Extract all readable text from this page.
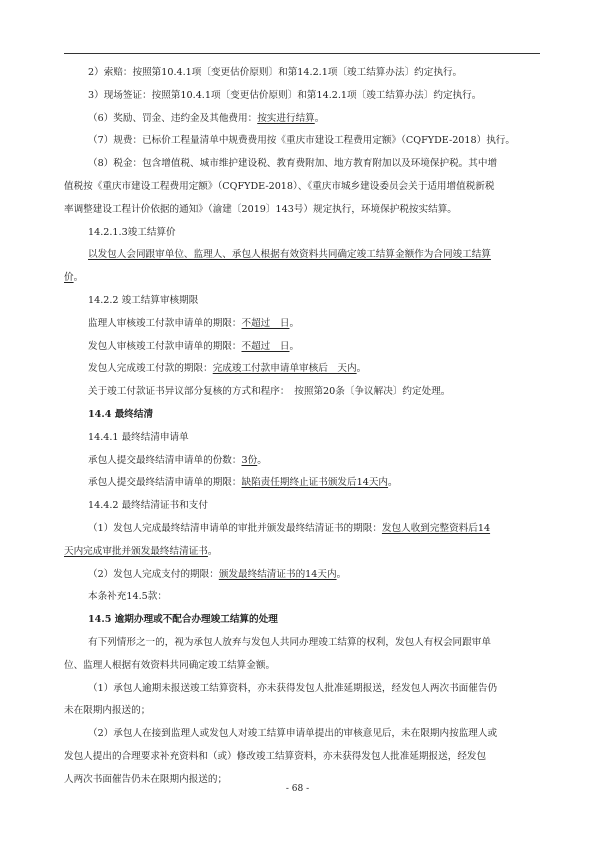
2）索赔：按照第10.4.1项〔变更估价原则〕和第14.2.1项〔竣工结算办法〕约定执行。
3）现场签证：按照第10.4.1项〔变更估价原则〕和第14.2.1项〔竣工结算办法〕约定执行。
（6）奖励、罚金、违约金及其他费用：按实进行结算。
（7）规费：已标价工程量清单中规费费用按《重庆市建设工程费用定额》（CQFYDE-2018）执行。
（8）税金：包含增值税、城市维护建设税、教育费附加、地方教育附加以及环境保护税。其中增
值税按《重庆市建设工程费用定额》（CQFYDE-2018）、《重庆市城乡建设委员会关于适用增值税新税
率调整建设工程计价依据的通知》（渝建〔2019〕143号）规定执行，环境保护税按实结算。
14.2.1.3竣工结算价
以发包人会同跟审单位、监理人、承包人根据有效资料共同确定竣工结算金额作为合同竣工结算
价。
14.2.2 竣工结算审核期限
监理人审核竣工付款申请单的期限：不超过　日。
发包人审核竣工付款申请单的期限：不超过　日。
发包人完成竣工付款的期限：完成竣工付款申请单审核后　天内。
关于竣工付款证书异议部分复核的方式和程序：　按照第20条〔争议解决〕约定处理。
14.4 最终结清
14.4.1 最终结清申请单
承包人提交最终结清申请单的份数：3份。
承包人提交最终结清申请单的期限：缺陷责任期终止证书颁发后14天内。
14.4.2 最终结清证书和支付
（1）发包人完成最终结清申请单的审批并颁发最终结清证书的期限：发包人收到完整资料后14
天内完成审批并颁发最终结清证书。
（2）发包人完成支付的期限：颁发最终结清证书的14天内。
本条补充14.5款：
14.5 逾期办理或不配合办理竣工结算的处理
有下列情形之一的，视为承包人放弃与发包人共同办理竣工结算的权利，发包人有权会同跟审单
位、监理人根据有效资料共同确定竣工结算金额。
（1）承包人逾期未报送竣工结算资料，亦未获得发包人批准延期报送，经发包人两次书面催告仍
未在限期内报送的；
（2）承包人在接到监理人或发包人对竣工结算申请单提出的审核意见后，未在限期内按监理人或
发包人提出的合理要求补充资料和（或）修改竣工结算资料，亦未获得发包人批准延期报送，经发包
人两次书面催告仍未在限期内报送的；
- 68 -
